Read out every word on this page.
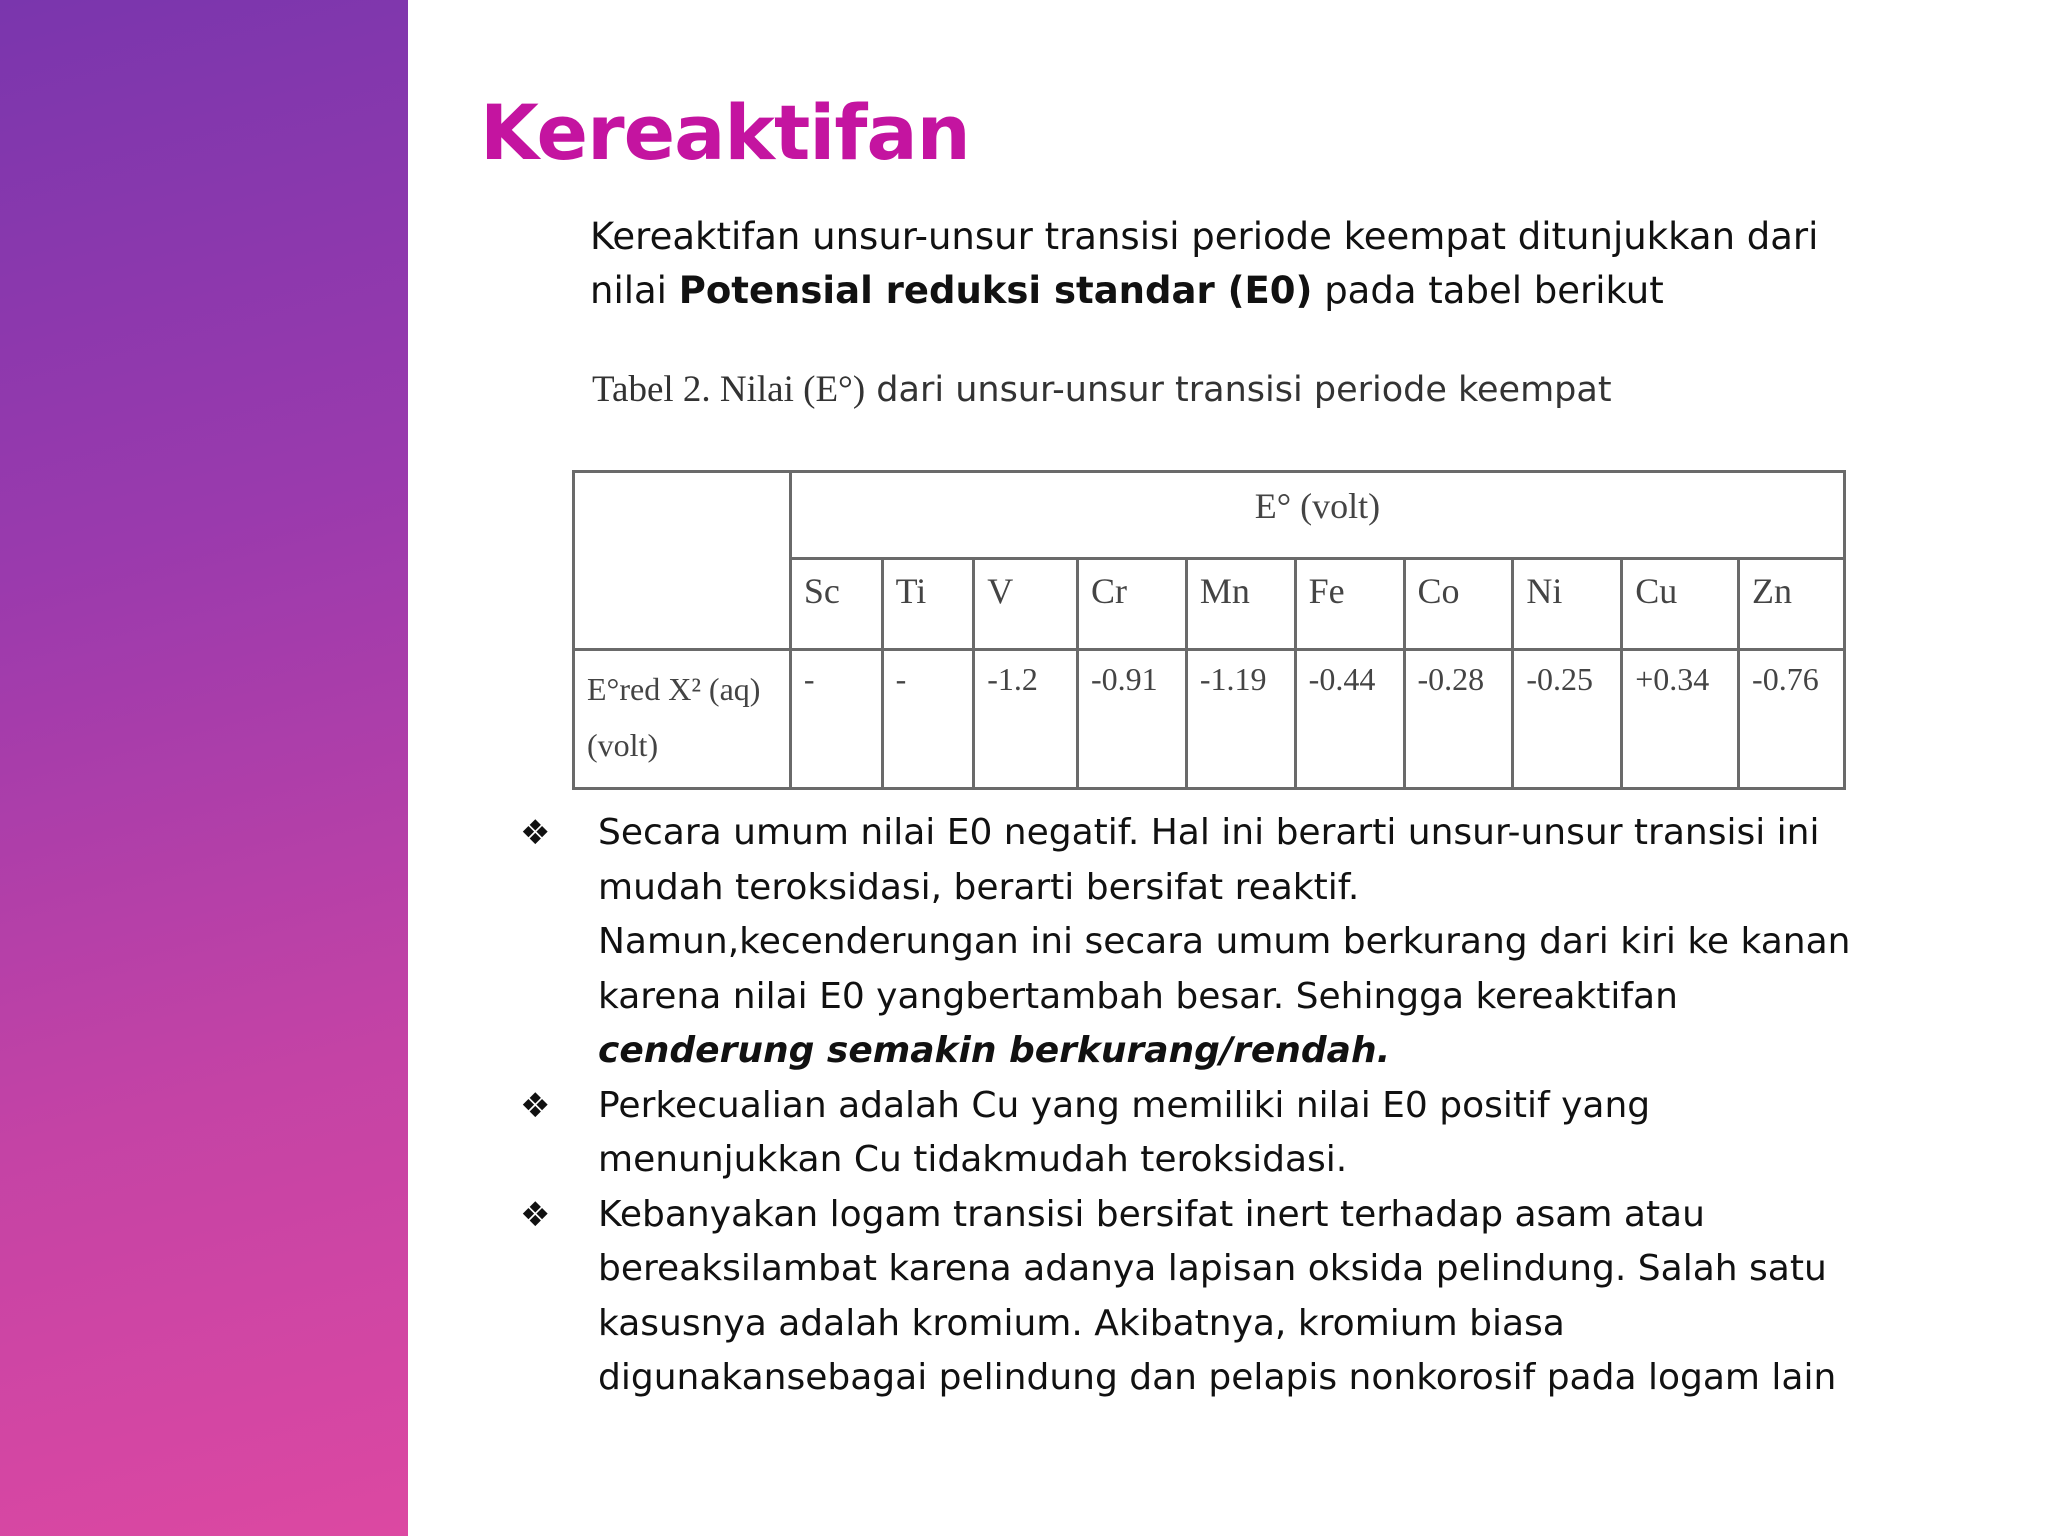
Kereaktifan
Kereaktifan unsur-unsur transisi periode keempat ditunjukkan dari
nilai Potensial reduksi standar (E0) pada tabel berikut
Tabel 2. Nilai (E°) dari unsur-unsur transisi periode keempat
	E° (volt)									
	Sc	Ti	V	Cr	Mn	Fe	Co	Ni	Cu	Zn

E°red X² (aq)
(volt)	-	-	-1.2	-0.91	-1.19	-0.44	-0.28	-0.25	+0.34	-0.76
❖ Secara umum nilai E0 negatif. Hal ini berarti unsur-unsur transisi ini
mudah teroksidasi, berarti bersifat reaktif.
Namun,kecenderungan ini secara umum berkurang dari kiri ke kanan
karena nilai E0 yangbertambah besar. Sehingga kereaktifan
cenderung semakin berkurang/rendah.
❖ Perkecualian adalah Cu yang memiliki nilai E0 positif yang
menunjukkan Cu tidakmudah teroksidasi.
❖ Kebanyakan logam transisi bersifat inert terhadap asam atau
bereaksilambat karena adanya lapisan oksida pelindung. Salah satu
kasusnya adalah kromium. Akibatnya, kromium biasa
digunakansebagai pelindung dan pelapis nonkorosif pada logam lain
